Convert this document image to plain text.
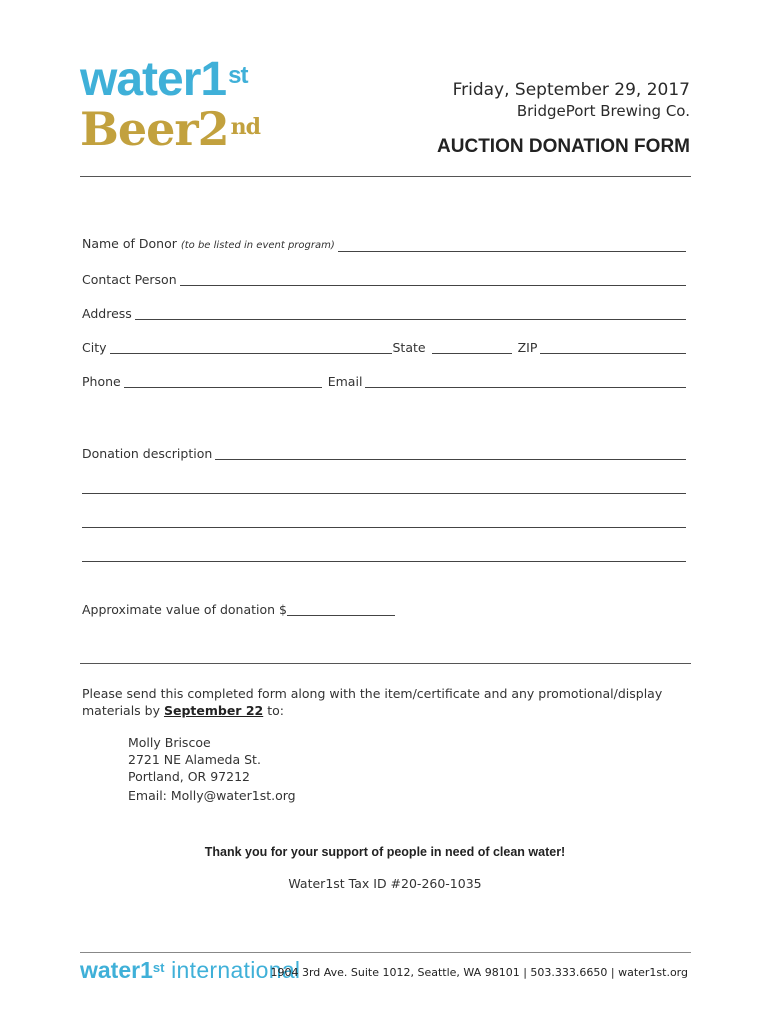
water1st
Beer2nd
Friday, September 29, 2017
BridgePort Brewing Co.
AUCTION DONATION FORM
Name of Donor (to be listed in event program)
Contact Person
Address
City	State	ZIP
Phone	Email
Donation description
Approximate value of donation $
Please send this completed form along with the item/certificate and any promotional/display materials by September 22 to:
Molly Briscoe
2721 NE Alameda St.
Portland, OR 97212
Email: Molly@water1st.org
Thank you for your support of people in need of clean water!
Water1st Tax ID #20-260-1035
water1st international
1904 3rd Ave. Suite 1012, Seattle, WA 98101 | 503.333.6650 | water1st.org
